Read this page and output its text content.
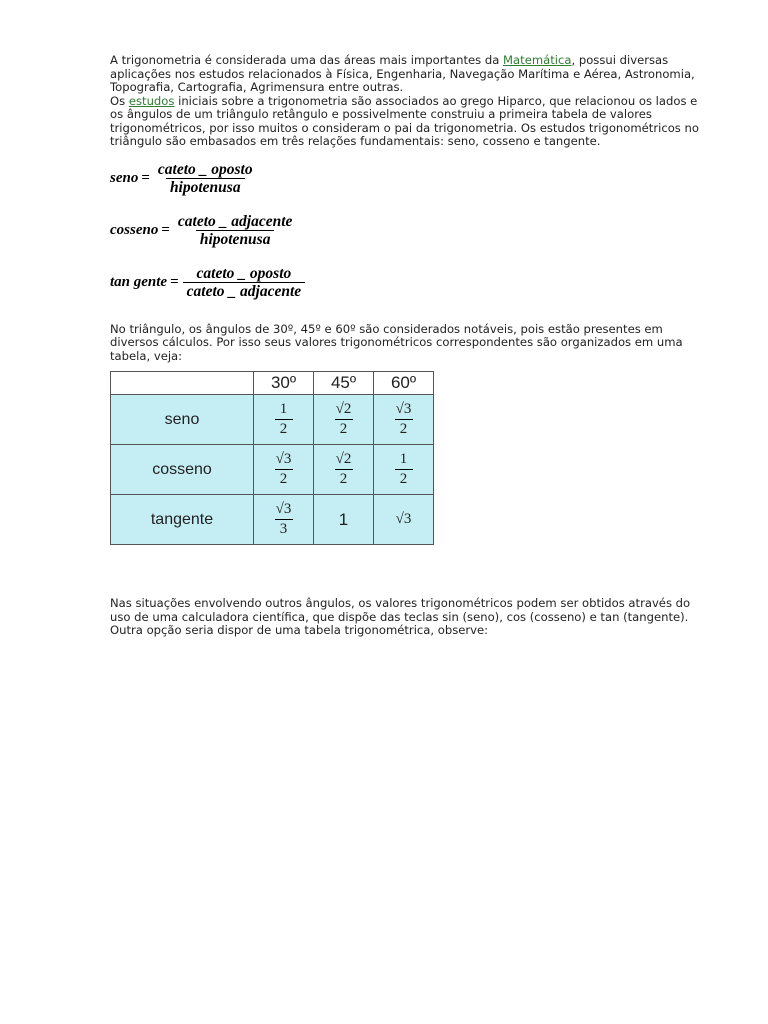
A trigonometria é considerada uma das áreas mais importantes da Matemática, possui diversas aplicações nos estudos relacionados à Física, Engenharia, Navegação Marítima e Aérea, Astronomia, Topografia, Cartografia, Agrimensura entre outras.

Os estudos iniciais sobre a trigonometria são associados ao grego Hiparco, que relacionou os lados e os ângulos de um triângulo retângulo e possivelmente construiu a primeira tabela de valores trigonométricos, por isso muitos o consideram o pai da trigonometria. Os estudos trigonométricos no triângulo são embasados em três relações fundamentais: seno, cosseno e tangente.

seno = $\frac{\text{cateto \_ oposto}}{\text{hipotenusa}}$
cosseno = $\frac{\text{cateto \_ adjacente}}{\text{hipotenusa}}$
tan gente = $\frac{\text{cateto \_ oposto}}{\text{cateto \_ adjacente}}$

No triângulo, os ângulos de 30º, 45º e 60º são considerados notáveis, pois estão presentes em diversos cálculos. Por isso seus valores trigonométricos correspondentes são organizados em uma tabela, veja:

	30º	45º	60º
seno	$\frac{1}{2}$	$\frac{√2}{2}$	$\frac{√3}{2}$

cosseno	$\frac{√3}{2}$	$\frac{√2}{2}$	$\frac{1}{2}$

tangente	$\frac{√3}{3}$	1	√3

Nas situações envolvendo outros ângulos, os valores trigonométricos podem ser obtidos através do uso de uma calculadora científica, que dispõe das teclas sin (seno), cos (cosseno) e tan (tangente). Outra opção seria dispor de uma tabela trigonométrica, observe:
